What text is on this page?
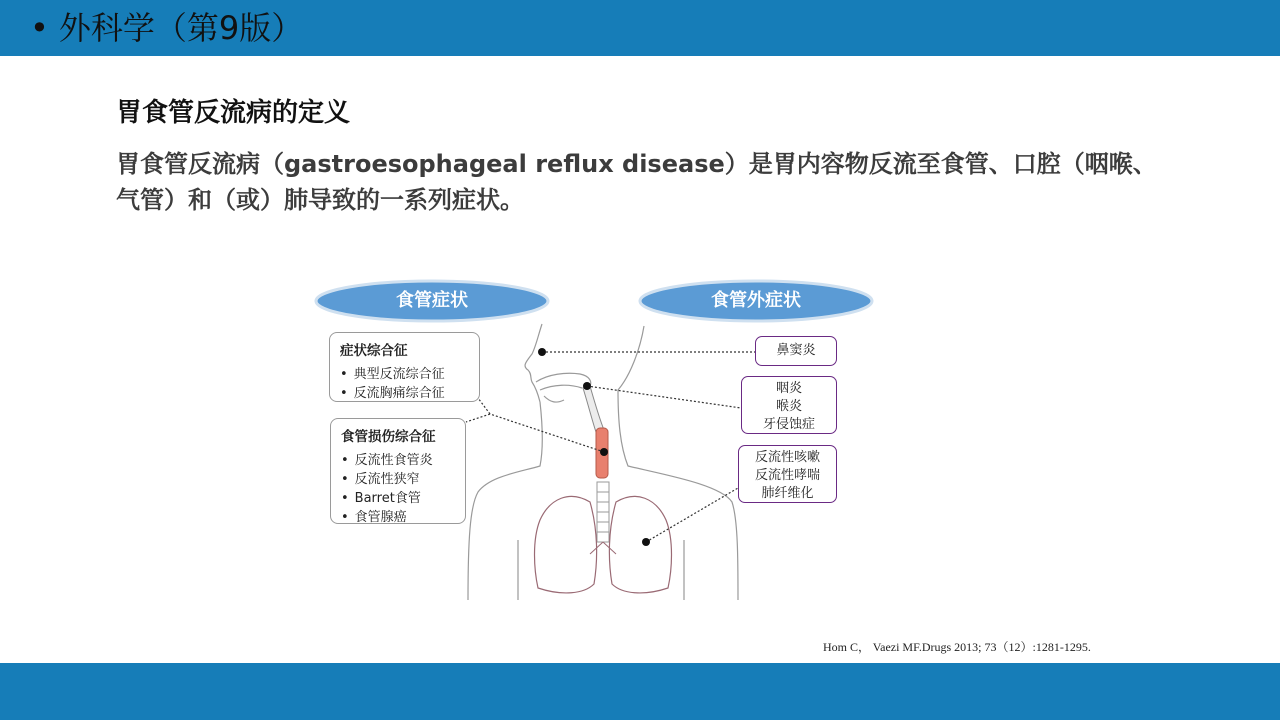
• 外科学（第9版）
胃食管反流病的定义
胃食管反流病（gastroesophageal reflux disease）是胃内容物反流至食管、口腔（咽喉、气管）和（或）肺导致的一系列症状。
食管症状	食管外症状
症状综合征
• 典型反流综合征
• 反流胸痛综合征
食管损伤综合征
• 反流性食管炎
• 反流性狭窄
• Barret食管
• 食管腺癌
鼻窦炎
咽炎
喉炎
牙侵蚀症
反流性咳嗽
反流性哮喘
肺纤维化
Hom C， Vaezi MF.Drugs 2013; 73（12）:1281-1295.
